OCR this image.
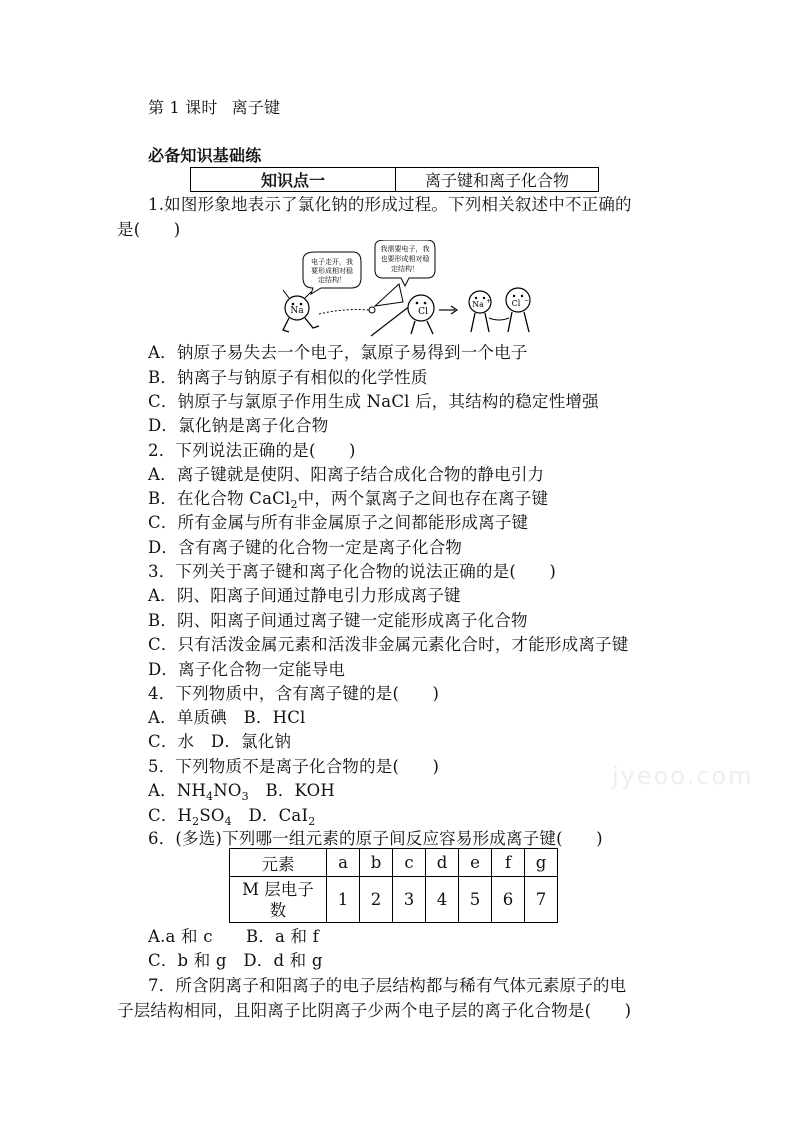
第 1 课时 离子键
必备知识基础练
知识点一	离子键和离子化合物
1.如图形象地表示了氯化钠的形成过程。下列相关叙述中不正确的
是(　　)
电子走开，我
要形成相对稳
定结构！
我需要电子，我
也要形成相对稳
定结构！
Na	Cl
Na +	Cl −
A．钠原子易失去一个电子，氯原子易得到一个电子
B．钠离子与钠原子有相似的化学性质
C．钠原子与氯原子作用生成 NaCl 后，其结构的稳定性增强
D．氯化钠是离子化合物
2．下列说法正确的是(　　)
A．离子键就是使阴、阳离子结合成化合物的静电引力
B．在化合物 CaCl$_2$中，两个氯离子之间也存在离子键
C．所有金属与所有非金属原子之间都能形成离子键
D．含有离子键的化合物一定是离子化合物
3．下列关于离子键和离子化合物的说法正确的是(　　)
A．阴、阳离子间通过静电引力形成离子键
B．阴、阳离子间通过离子键一定能形成离子化合物
C．只有活泼金属元素和活泼非金属元素化合时，才能形成离子键
D．离子化合物一定能导电
4．下列物质中，含有离子键的是(　　)
A．单质碘　B．HCl
C．水　D．氯化钠
5．下列物质不是离子化合物的是(　　)
A．$NH_4NO_3$　B．KOH
C．$H_2SO_4$　D．CaI$_2$
6．(多选)下列哪一组元素的原子间反应容易形成离子键(　　)
元素	a	b	c	d	e	f	g
M 层电子
数	1	2	3	4	5	6	7
A.a 和 c　　B．a 和 f
C．b 和 g　D．d 和 g
7．所含阴离子和阳离子的电子层结构都与稀有气体元素原子的电
子层结构相同，且阳离子比阴离子少两个电子层的离子化合物是(　　)
jyeoo.com
